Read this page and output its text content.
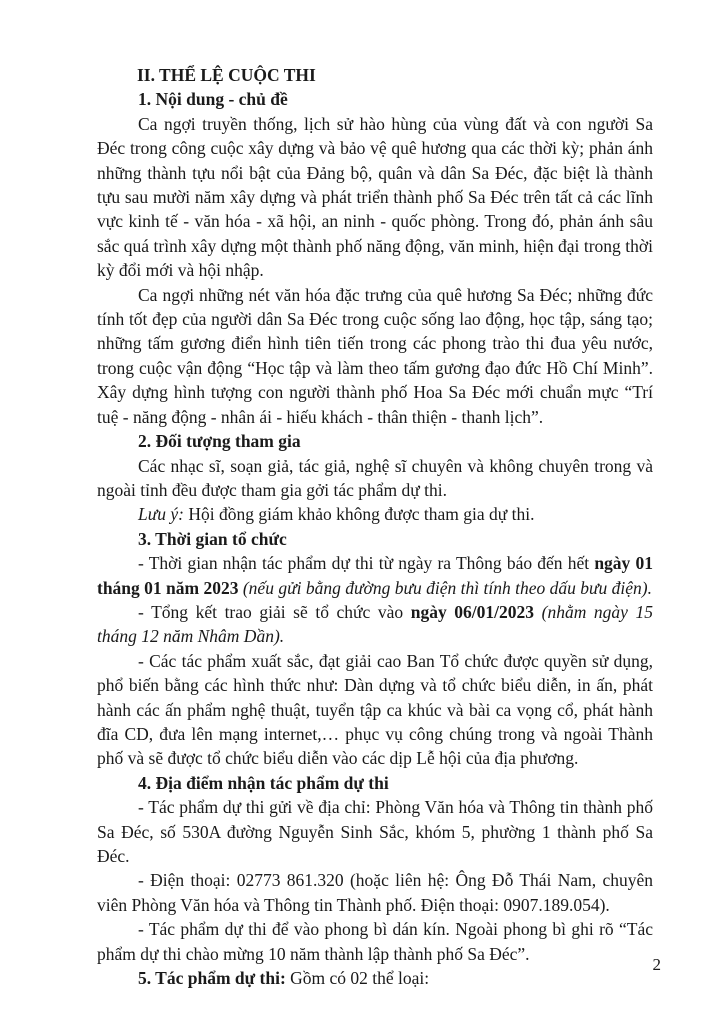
II. THỂ LỆ CUỘC THI
1. Nội dung - chủ đề

Ca ngợi truyền thống, lịch sử hào hùng của vùng đất và con người Sa Đéc trong công cuộc xây dựng và bảo vệ quê hương qua các thời kỳ; phản ánh những thành tựu nổi bật của Đảng bộ, quân và dân Sa Đéc, đặc biệt là thành tựu sau mười năm xây dựng và phát triển thành phố Sa Đéc trên tất cả các lĩnh vực kinh tế - văn hóa - xã hội, an ninh - quốc phòng. Trong đó, phản ánh sâu sắc quá trình xây dựng một thành phố năng động, văn minh, hiện đại trong thời kỳ đổi mới và hội nhập.

Ca ngợi những nét văn hóa đặc trưng của quê hương Sa Đéc; những đức tính tốt đẹp của người dân Sa Đéc trong cuộc sống lao động, học tập, sáng tạo; những tấm gương điển hình tiên tiến trong các phong trào thi đua yêu nước, trong cuộc vận động “Học tập và làm theo tấm gương đạo đức Hồ Chí Minh”. Xây dựng hình tượng con người thành phố Hoa Sa Đéc mới chuẩn mực “Trí tuệ - năng động - nhân ái - hiếu khách - thân thiện - thanh lịch”.

2. Đối tượng tham gia

Các nhạc sĩ, soạn giả, tác giả, nghệ sĩ chuyên và không chuyên trong và ngoài tỉnh đều được tham gia gởi tác phẩm dự thi.

Lưu ý: Hội đồng giám khảo không được tham gia dự thi.

3. Thời gian tổ chức

- Thời gian nhận tác phẩm dự thi từ ngày ra Thông báo đến hết ngày 01 tháng 01 năm 2023 (nếu gửi bằng đường bưu điện thì tính theo dấu bưu điện).

- Tổng kết trao giải sẽ tổ chức vào ngày 06/01/2023 (nhằm ngày 15 tháng 12 năm Nhâm Dần).

- Các tác phẩm xuất sắc, đạt giải cao Ban Tổ chức được quyền sử dụng, phổ biến bằng các hình thức như: Dàn dựng và tổ chức biểu diễn, in ấn, phát hành các ấn phẩm nghệ thuật, tuyển tập ca khúc và bài ca vọng cổ, phát hành đĩa CD, đưa lên mạng internet,… phục vụ công chúng trong và ngoài Thành phố và sẽ được tổ chức biểu diễn vào các dịp Lễ hội của địa phương.

4. Địa điểm nhận tác phẩm dự thi

- Tác phẩm dự thi gửi về địa chỉ: Phòng Văn hóa và Thông tin thành phố Sa Đéc, số 530A đường Nguyễn Sinh Sắc, khóm 5, phường 1 thành phố Sa Đéc.

- Điện thoại: 02773 861.320 (hoặc liên hệ: Ông Đỗ Thái Nam, chuyên viên Phòng Văn hóa và Thông tin Thành phố. Điện thoại: 0907.189.054).

- Tác phẩm dự thi để vào phong bì dán kín. Ngoài phong bì ghi rõ “Tác phẩm dự thi chào mừng 10 năm thành lập thành phố Sa Đéc”.

5. Tác phẩm dự thi: Gồm có 02 thể loại:
2
